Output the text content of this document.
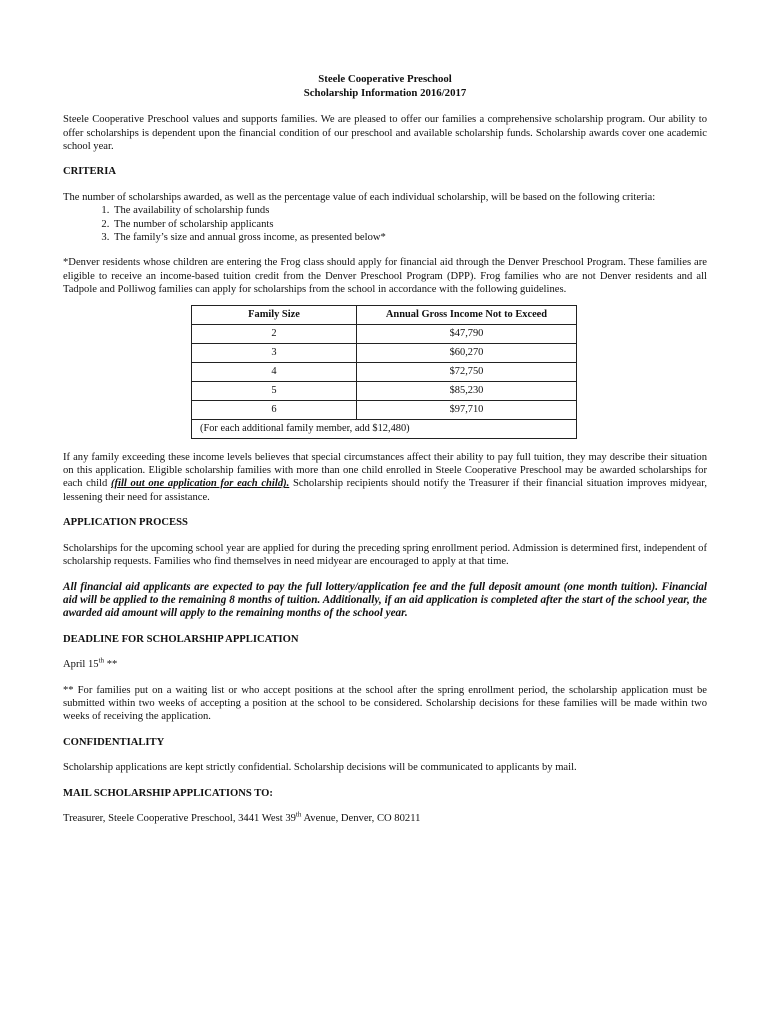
Steele Cooperative Preschool

Scholarship Information 2016/2017

Steele Cooperative Preschool values and supports families. We are pleased to offer our families a comprehensive scholarship program. Our ability to offer scholarships is dependent upon the financial condition of our preschool and available scholarship funds. Scholarship awards cover one academic school year.

CRITERIA

The number of scholarships awarded, as well as the percentage value of each individual scholarship, will be based on the following criteria:

1. The availability of scholarship funds
2. The number of scholarship applicants
3. The family’s size and annual gross income, as presented below*

*Denver residents whose children are entering the Frog class should apply for financial aid through the Denver Preschool Program. These families are eligible to receive an income-based tuition credit from the Denver Preschool Program (DPP). Frog families who are not Denver residents and all Tadpole and Polliwog families can apply for scholarships from the school in accordance with the following guidelines.

Family Size	Annual Gross Income Not to Exceed
2	$47,790
3	$60,270
4	$72,750
5	$85,230
6	$97,710
(For each additional family member, add $12,480)	

If any family exceeding these income levels believes that special circumstances affect their ability to pay full tuition, they may describe their situation on this application. Eligible scholarship families with more than one child enrolled in Steele Cooperative Preschool may be awarded scholarships for each child (fill out one application for each child). Scholarship recipients should notify the Treasurer if their financial situation improves midyear, lessening their need for assistance.

APPLICATION PROCESS

Scholarships for the upcoming school year are applied for during the preceding spring enrollment period. Admission is determined first, independent of scholarship requests. Families who find themselves in need midyear are encouraged to apply at that time.

All financial aid applicants are expected to pay the full lottery/application fee and the full deposit amount (one month tuition). Financial aid will be applied to the remaining 8 months of tuition. Additionally, if an aid application is completed after the start of the school year, the awarded aid amount will apply to the remaining months of the school year.

DEADLINE FOR SCHOLARSHIP APPLICATION

April 15th **

** For families put on a waiting list or who accept positions at the school after the spring enrollment period, the scholarship application must be submitted within two weeks of accepting a position at the school to be considered. Scholarship decisions for these families will be made within two weeks of receiving the application.

CONFIDENTIALITY

Scholarship applications are kept strictly confidential. Scholarship decisions will be communicated to applicants by mail.

MAIL SCHOLARSHIP APPLICATIONS TO:

Treasurer, Steele Cooperative Preschool, 3441 West 39th Avenue, Denver, CO 80211
